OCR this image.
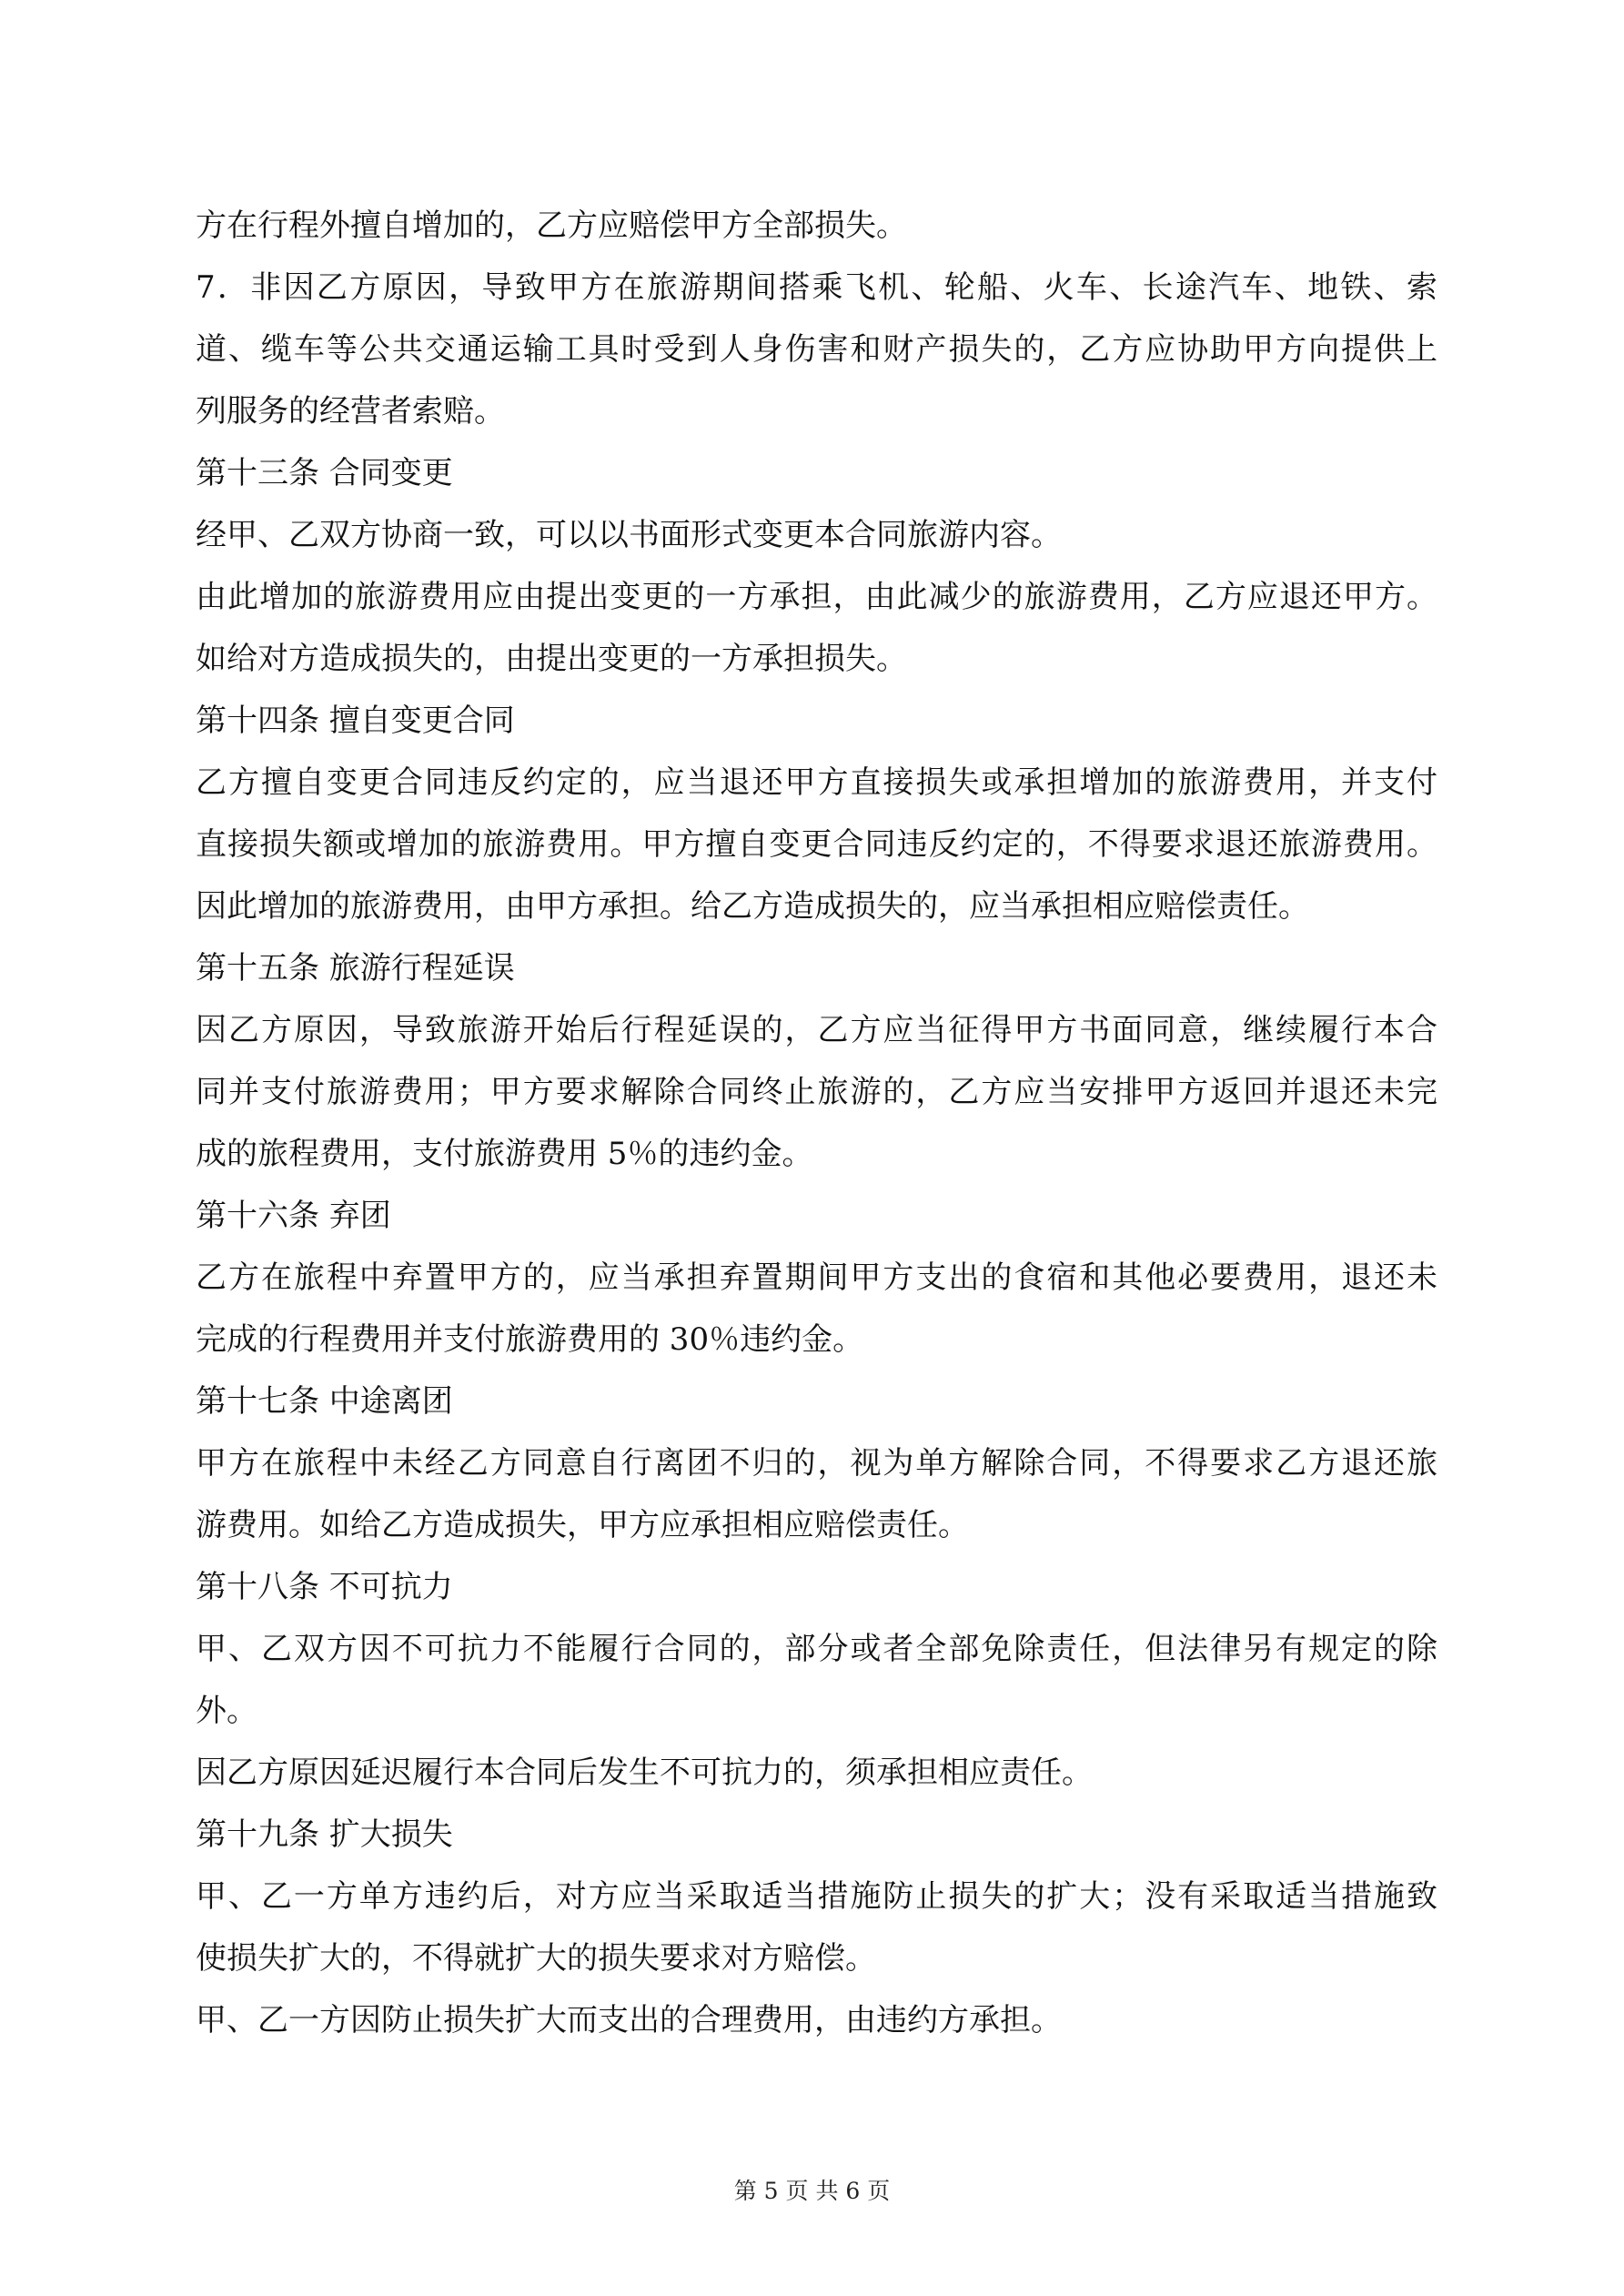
方在行程外擅自增加的，乙方应赔偿甲方全部损失。
7．非因乙方原因，导致甲方在旅游期间搭乘飞机、轮船、火车、长途汽车、地铁、索
道、缆车等公共交通运输工具时受到人身伤害和财产损失的，乙方应协助甲方向提供上
列服务的经营者索赔。
第十三条 合同变更
经甲、乙双方协商一致，可以以书面形式变更本合同旅游内容。
由此增加的旅游费用应由提出变更的一方承担，由此减少的旅游费用，乙方应退还甲方。
如给对方造成损失的，由提出变更的一方承担损失。
第十四条 擅自变更合同
乙方擅自变更合同违反约定的，应当退还甲方直接损失或承担增加的旅游费用，并支付
直接损失额或增加的旅游费用。甲方擅自变更合同违反约定的，不得要求退还旅游费用。
因此增加的旅游费用，由甲方承担。给乙方造成损失的，应当承担相应赔偿责任。
第十五条 旅游行程延误
因乙方原因，导致旅游开始后行程延误的，乙方应当征得甲方书面同意，继续履行本合
同并支付旅游费用；甲方要求解除合同终止旅游的，乙方应当安排甲方返回并退还未完
成的旅程费用，支付旅游费用 5％的违约金。
第十六条 弃团
乙方在旅程中弃置甲方的，应当承担弃置期间甲方支出的食宿和其他必要费用，退还未
完成的行程费用并支付旅游费用的 30％违约金。
第十七条 中途离团
甲方在旅程中未经乙方同意自行离团不归的，视为单方解除合同，不得要求乙方退还旅
游费用。如给乙方造成损失，甲方应承担相应赔偿责任。
第十八条 不可抗力
甲、乙双方因不可抗力不能履行合同的，部分或者全部免除责任，但法律另有规定的除
外。
因乙方原因延迟履行本合同后发生不可抗力的，须承担相应责任。
第十九条 扩大损失
甲、乙一方单方违约后，对方应当采取适当措施防止损失的扩大；没有采取适当措施致
使损失扩大的，不得就扩大的损失要求对方赔偿。
甲、乙一方因防止损失扩大而支出的合理费用，由违约方承担。
第 5 页 共 6 页
